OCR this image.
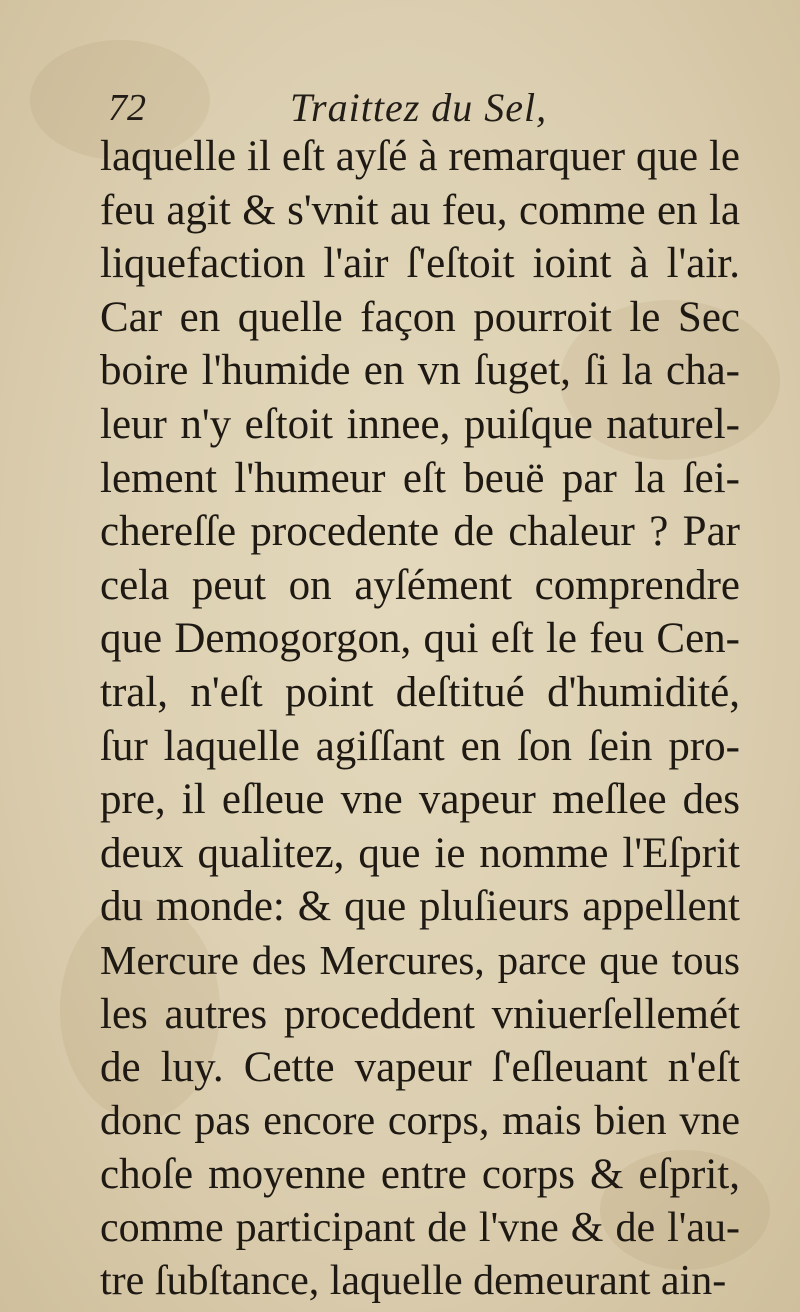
72	Traittez du Sel,
laquelle il eſt ayſé à remarquer que le
feu agit & s'vnit au feu, comme en la
liquefaction l'air ſ'eſtoit ioint à l'air.
Car en quelle façon pourroit le Sec
boire l'humide en vn ſuget, ſi la cha-
leur n'y eſtoit innee, puiſque naturel-
lement l'humeur eſt beuë par la ſei-
chereſſe procedente de chaleur ? Par
cela peut on ayſément comprendre
que Demogorgon, qui eſt le feu Cen-
tral, n'eſt point deſtitué d'humidité,
ſur laquelle agiſſant en ſon ſein pro-
pre, il eſleue vne vapeur meſlee des
deux qualitez, que ie nomme l'Eſprit
du monde: & que pluſieurs appellent
Mercure des Mercures, parce que tous
les autres proceddent vniuerſellemét
de luy. Cette vapeur ſ'eſleuant n'eſt
donc pas encore corps, mais bien vne
choſe moyenne entre corps & eſprit,
comme participant de l'vne & de l'au-
tre ſubſtance, laquelle demeurant ain-
